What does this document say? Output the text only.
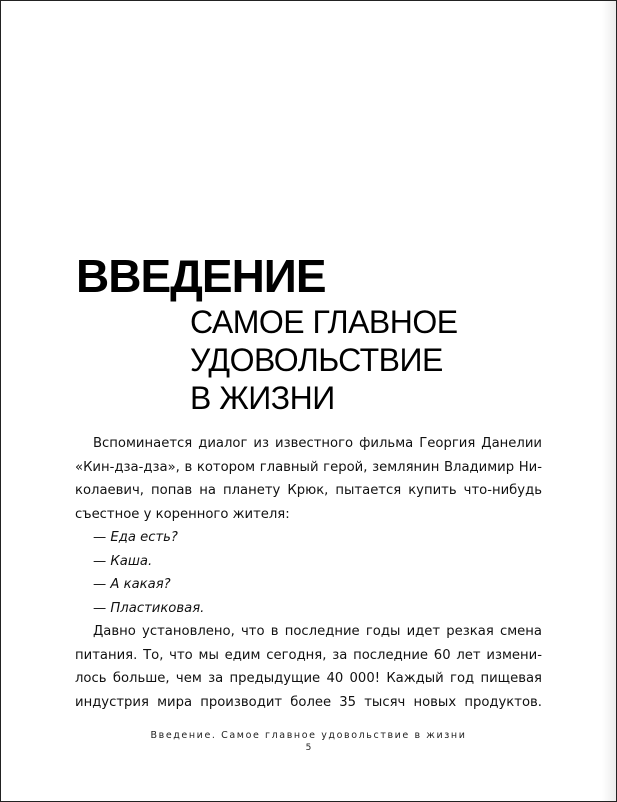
ВВЕДЕНИЕ
САМОЕ ГЛАВНОЕ
УДОВОЛЬСТВИЕ
В ЖИЗНИ
Вспоминается диалог из известного фильма Георгия Данелии
«Кин-дза-дза», в котором главный герой, землянин Владимир Ни-
колаевич, попав на планету Крюк, пытается купить что-нибудь
съестное у коренного жителя:
— Еда есть?
— Каша.
— А какая?
— Пластиковая.
Давно установлено, что в последние годы идет резкая смена
питания. То, что мы едим сегодня, за последние 60 лет измени-
лось больше, чем за предыдущие 40 000! Каждый год пищевая
индустрия мира производит более 35 тысяч новых продуктов.
Введение. Самое главное удовольствие в жизни
5
